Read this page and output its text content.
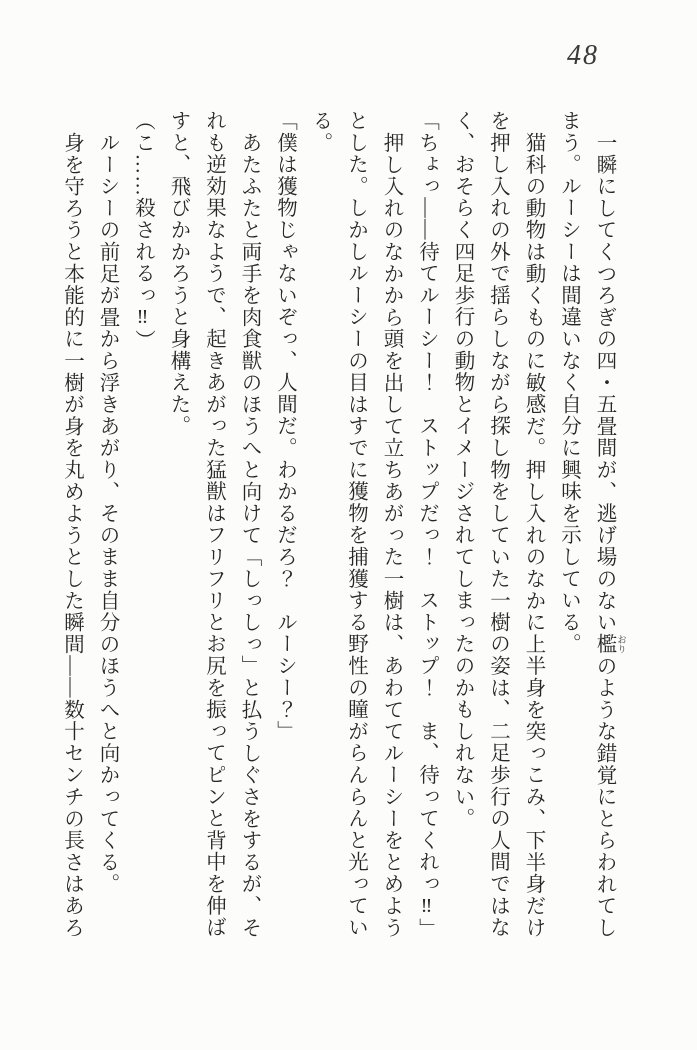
48
一瞬にしてくつろぎの四・五畳間が、逃げ場のない檻 おりのような錯覚にとらわれてし
まう。ルーシーは間違いなく自分に興味を示している。
猫科の動物は動くものに敏感だ。押し入れのなかに上半身を突っこみ、下半身だけ
を押し入れの外で揺らしながら探し物をしていた一樹の姿は、二足歩行の人間ではな
く、おそらく四足歩行の動物とイメージされてしまったのかもしれない。
「ちょっ――待てルーシー！　ストップだっ！　ストップ！　ま、待ってくれっ‼」
押し入れのなかから頭を出して立ちあがった一樹は、あわててルーシーをとめよう
とした。しかしルーシーの目はすでに獲物を捕獲する野性の瞳がらんらんと光ってい
る。
「僕は獲物じゃないぞっ、人間だ。わかるだろ？　ルーシー？」
あたふたと両手を肉食獣のほうへと向けて「しっしっ」と払うしぐさをするが、そ
れも逆効果なようで、起きあがった猛獣はフリフリとお尻を振ってピンと背中を伸ば
すと、飛びかかろうと身構えた。
（こ……殺されるっ‼）
ルーシーの前足が畳から浮きあがり、そのまま自分のほうへと向かってくる。
身を守ろうと本能的に一樹が身を丸めようとした瞬間――数十センチの長さはあろ
